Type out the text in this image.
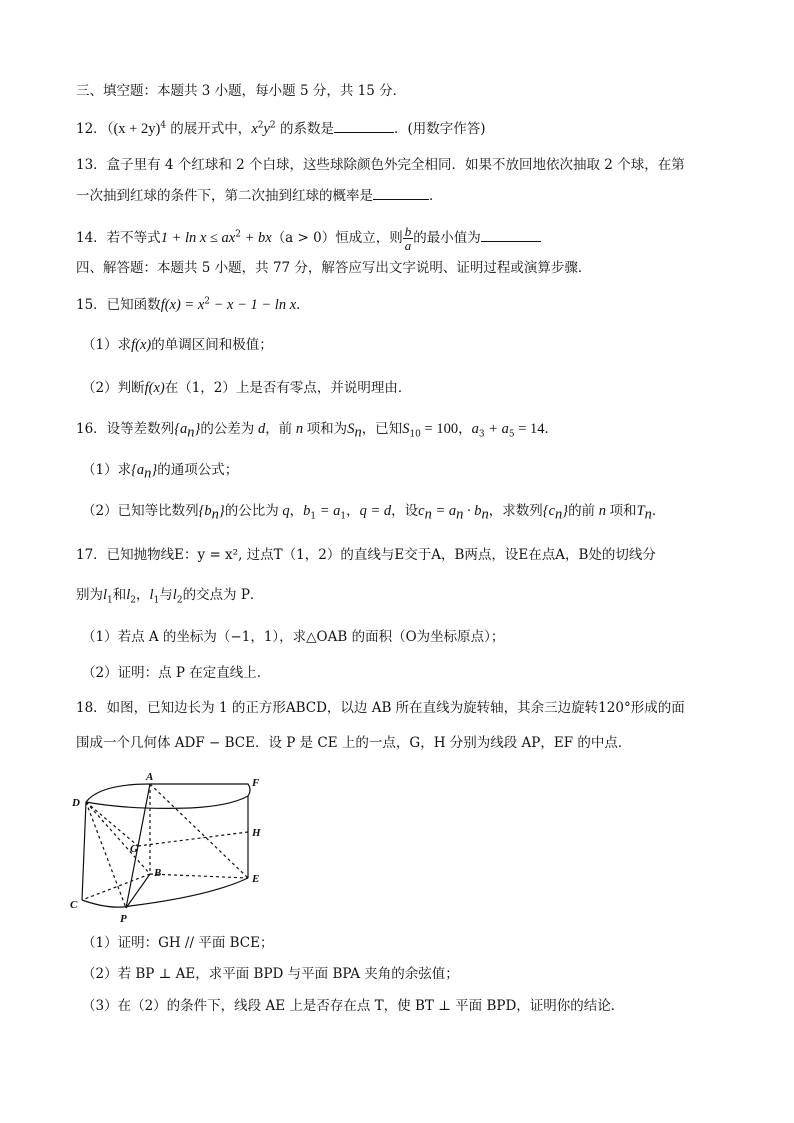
三、填空题：本题共 3 小题，每小题 5 分，共 15 分．
12．（$(x + 2y)^4$ 的展开式中，$x^2y^2$ 的系数是	．(用数字作答)
13．盒子里有 4 个红球和 2 个白球，这些球除颜色外完全相同．如果不放回地依次抽取 2 个球，在第
一次抽到红球的条件下，第二次抽到红球的概率是	．
14．若不等式$1 + \ln x \le ax^2 + bx(a > 0)$恒成立，则 $\frac{b}{a}$ 的最小值为
四、解答题：本题共 5 小题，共 77 分，解答应写出文字说明、证明过程或演算步骤．
15．已知函数$f(x) = x^2 - x - 1 - \ln x$．
（1）求f(x)的单调区间和极值；
（2）判断f(x)在（1，2）上是否有零点，并说明理由．
16．设等差数列$\{a_n\}$的公差为 d，前 n 项和为$S_n$，已知$S_{10} = 100$，$a_3 + a_5 = 14$．
（1）求$\{a_n\}$的通项公式；
（2）已知等比数列$\{b_n\}$的公比为 q，$b_1 = a_1$，q = d，设$c_n = a_n \cdot b_n$，求数列$\{c_n\}$的前 n 项和$T_n$．
17．已知抛物线E：y = x², 过点T（1，2）的直线与E交于A，B两点，设E在点A，B处的切线分
别为$l_1$和$l_2$，$l_1$与$l_2$的交点为 P．
（1）若点 A 的坐标为（−1，1），求△OAB 的面积（O为坐标原点）；
（2）证明：点 P 在定直线上．
18．如图，已知边长为 1 的正方形ABCD，以边 AB 所在直线为旋转轴，其余三边旋转120°形成的面
围成一个几何体 ADF − BCE．设 P 是 CE 上的一点，G，H 分别为线段 AP，EF 的中点．
A	F
D
H
G
B	E
C
P
（1）证明：GH // 平面 BCE；
（2）若 BP ⊥ AE，求平面 BPD 与平面 BPA 夹角的余弦值；
（3）在（2）的条件下，线段 AE 上是否存在点 T，使 BT ⊥ 平面 BPD，证明你的结论．
